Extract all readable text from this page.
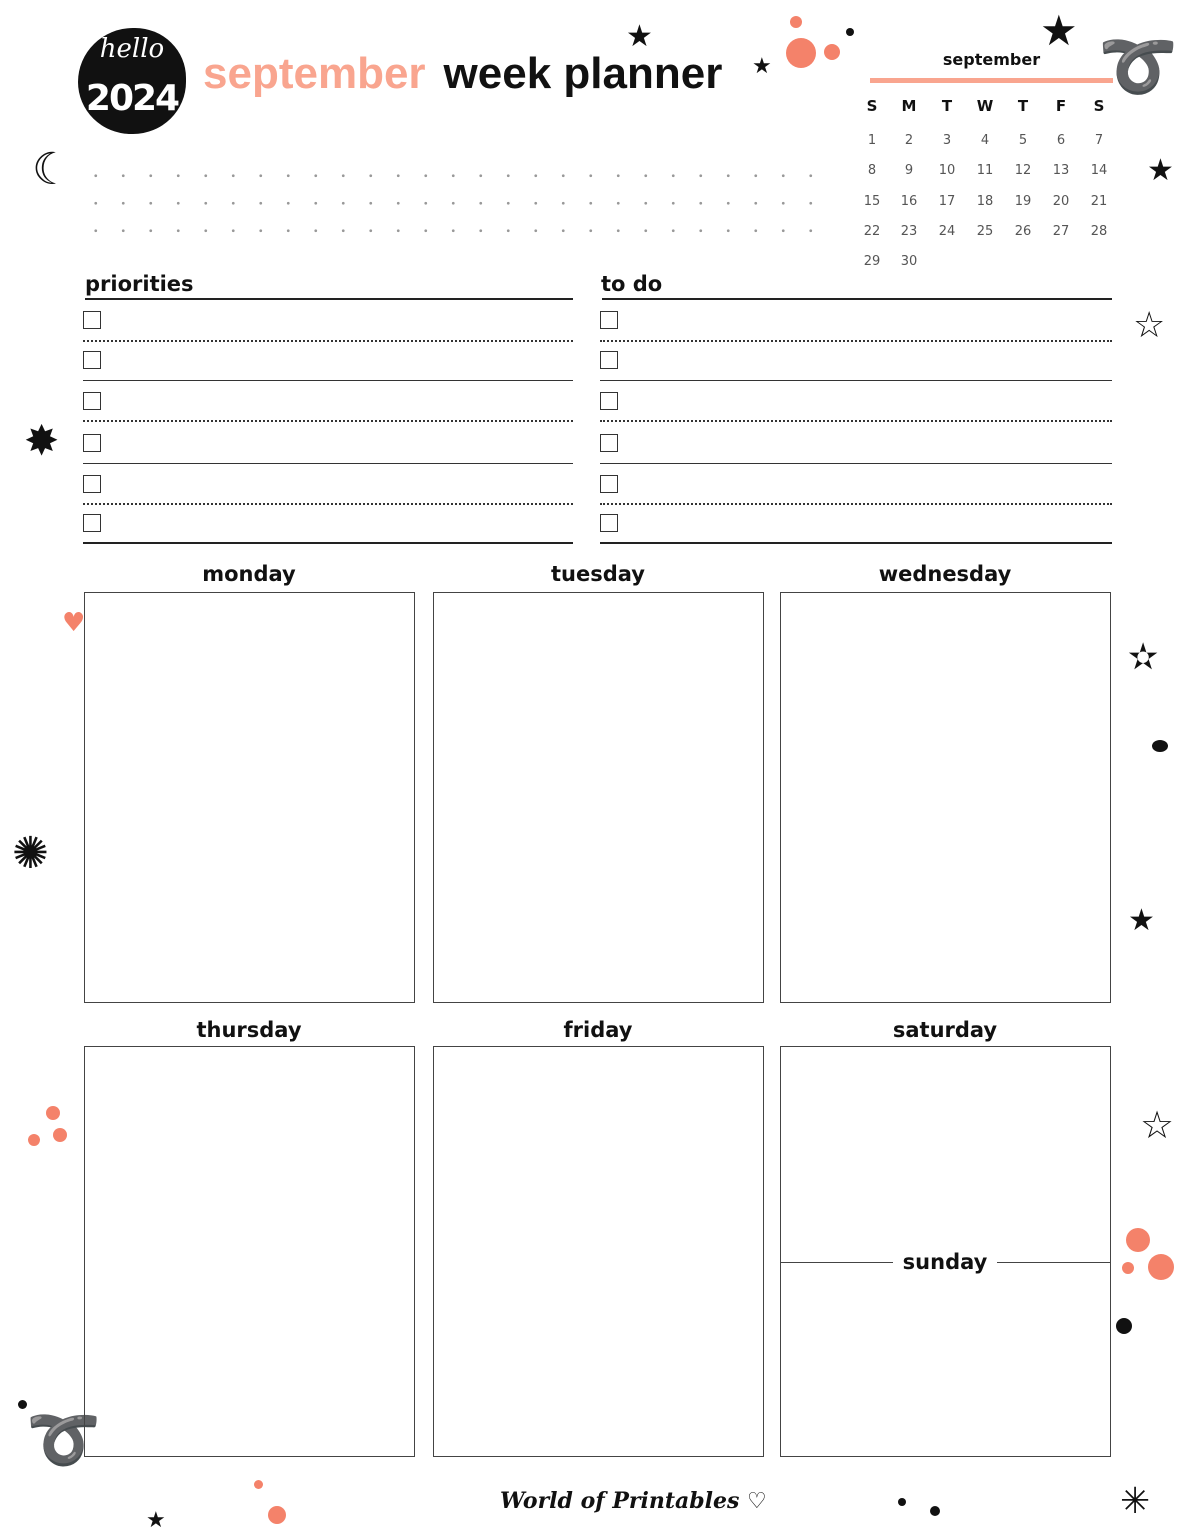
hello
2024
september week planner	september
priorities	to do
sunday
World of Printables ♡
★
★
★
★
☆
✸
☾
♥
✫
✺
★
☆
★	✳
➰
➰
S	M	T	W	T	F	S
1	2	3	4	5	6	7
8	9	10	11	12	13	14
15	16	17	18	19	20	21
22	23	24	25	26	27	28
29	30
monday	tuesday	wednesday
thursday	friday	saturday
